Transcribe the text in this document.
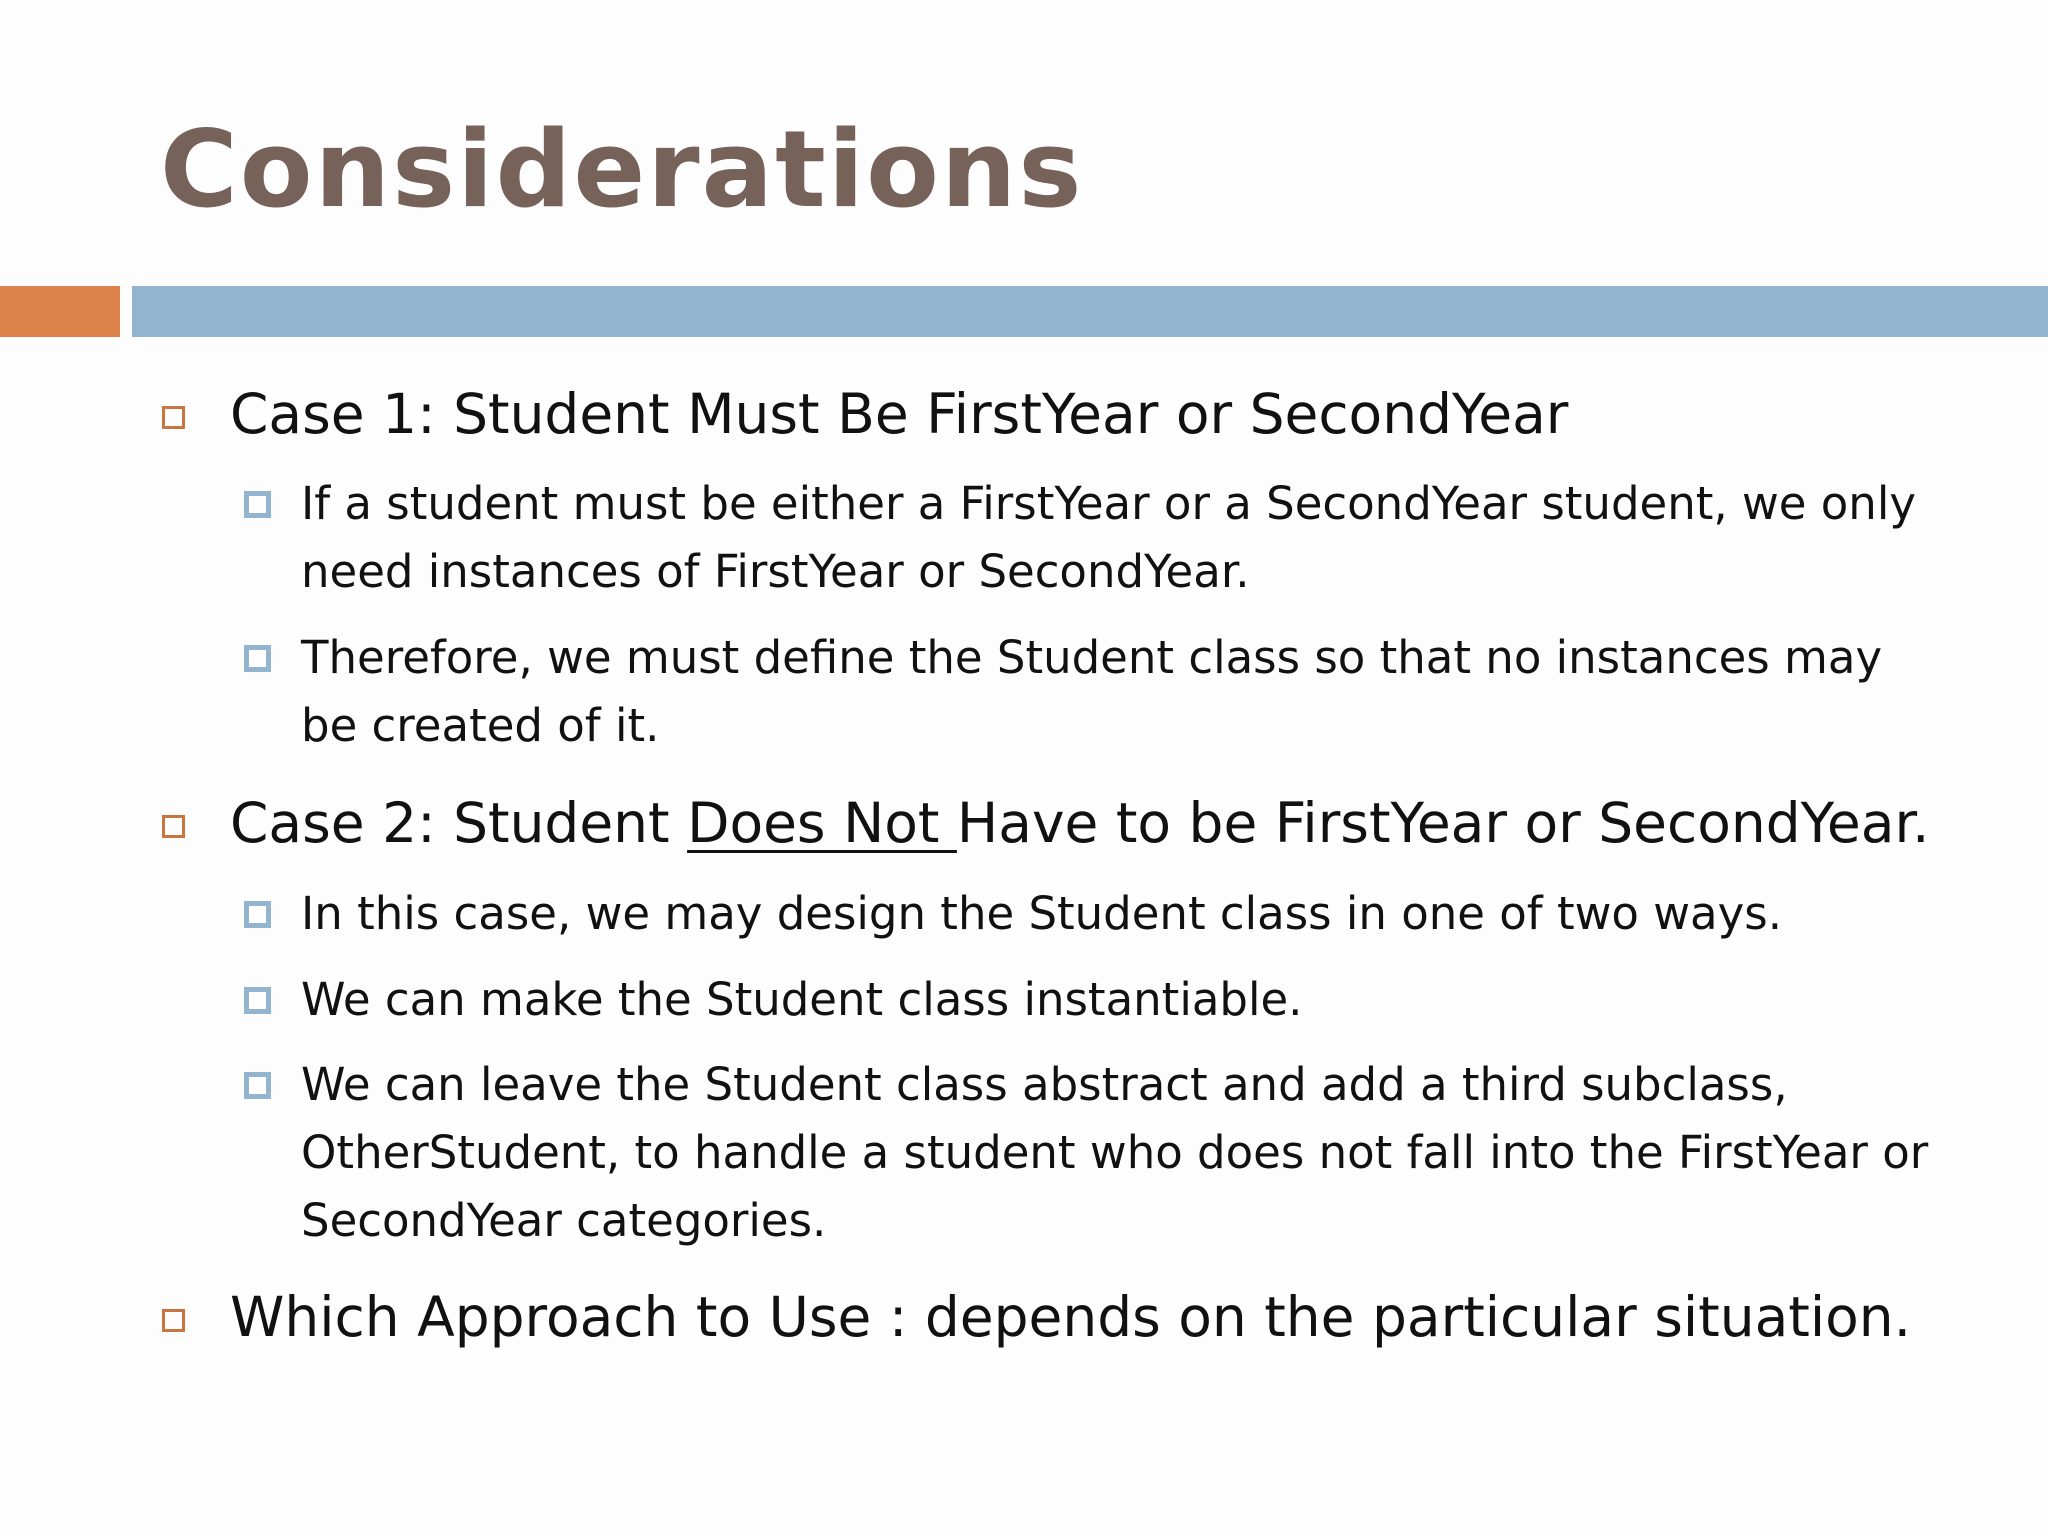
Considerations
Case 1: Student Must Be FirstYear or SecondYear
If a student must be either a FirstYear or a SecondYear student, we only need instances of FirstYear or SecondYear.
Therefore, we must define the Student class so that no instances may be created of it.
Case 2: Student Does Not Have to be FirstYear or SecondYear.
In this case, we may design the Student class in one of two ways.
We can make the Student class instantiable.
We can leave the Student class abstract and add a third subclass, OtherStudent, to handle a student who does not fall into the FirstYear or SecondYear categories.
Which Approach to Use : depends on the particular situation.
